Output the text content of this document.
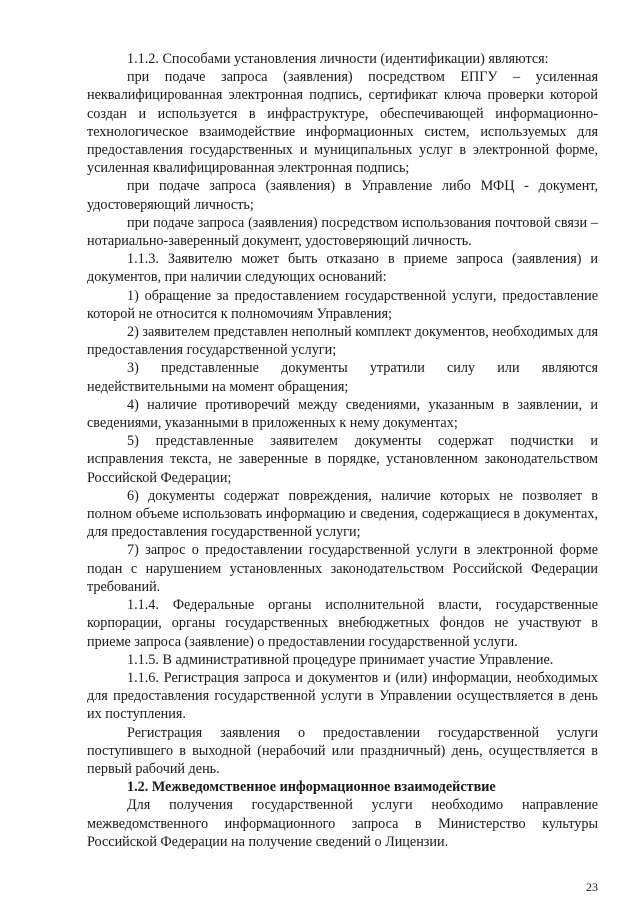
1.1.2. Способами установления личности (идентификации) являются:

при подаче запроса (заявления) посредством ЕПГУ – усиленная неквалифицированная электронная подпись, сертификат ключа проверки которой создан и используется в инфраструктуре, обеспечивающей информационно-технологическое взаимодействие информационных систем, используемых для предоставления государственных и муниципальных услуг в электронной форме, усиленная квалифицированная электронная подпись;

при подаче запроса (заявления) в Управление либо МФЦ - документ, удостоверяющий личность;

при подаче запроса (заявления) посредством использования почтовой связи – нотариально-заверенный документ, удостоверяющий личность.

1.1.3. Заявителю может быть отказано в приеме запроса (заявления) и документов, при наличии следующих оснований:

1) обращение за предоставлением государственной услуги, предоставление которой не относится к полномочиям Управления;

2) заявителем представлен неполный комплект документов, необходимых для предоставления государственной услуги;

3) представленные документы утратили силу или являются недействительными на момент обращения;

4) наличие противоречий между сведениями, указанным в заявлении, и сведениями, указанными в приложенных к нему документах;

5) представленные заявителем документы содержат подчистки и исправления текста, не заверенные в порядке, установленном законодательством Российской Федерации;

6) документы содержат повреждения, наличие которых не позволяет в полном объеме использовать информацию и сведения, содержащиеся в документах, для предоставления государственной услуги;

7) запрос о предоставлении государственной услуги в электронной форме подан с нарушением установленных законодательством Российской Федерации требований.

1.1.4. Федеральные органы исполнительной власти, государственные корпорации, органы государственных внебюджетных фондов не участвуют в приеме запроса (заявление) о предоставлении государственной услуги.

1.1.5. В административной процедуре принимает участие Управление.

1.1.6. Регистрация запроса и документов и (или) информации, необходимых для предоставления государственной услуги в Управлении осуществляется в день их поступления.

Регистрация заявления о предоставлении государственной услуги поступившего в выходной (нерабочий или праздничный) день, осуществляется в первый рабочий день.

1.2. Межведомственное информационное взаимодействие

Для получения государственной услуги необходимо направление межведомственного информационного запроса в Министерство культуры Российской Федерации на получение сведений о Лицензии.

23
